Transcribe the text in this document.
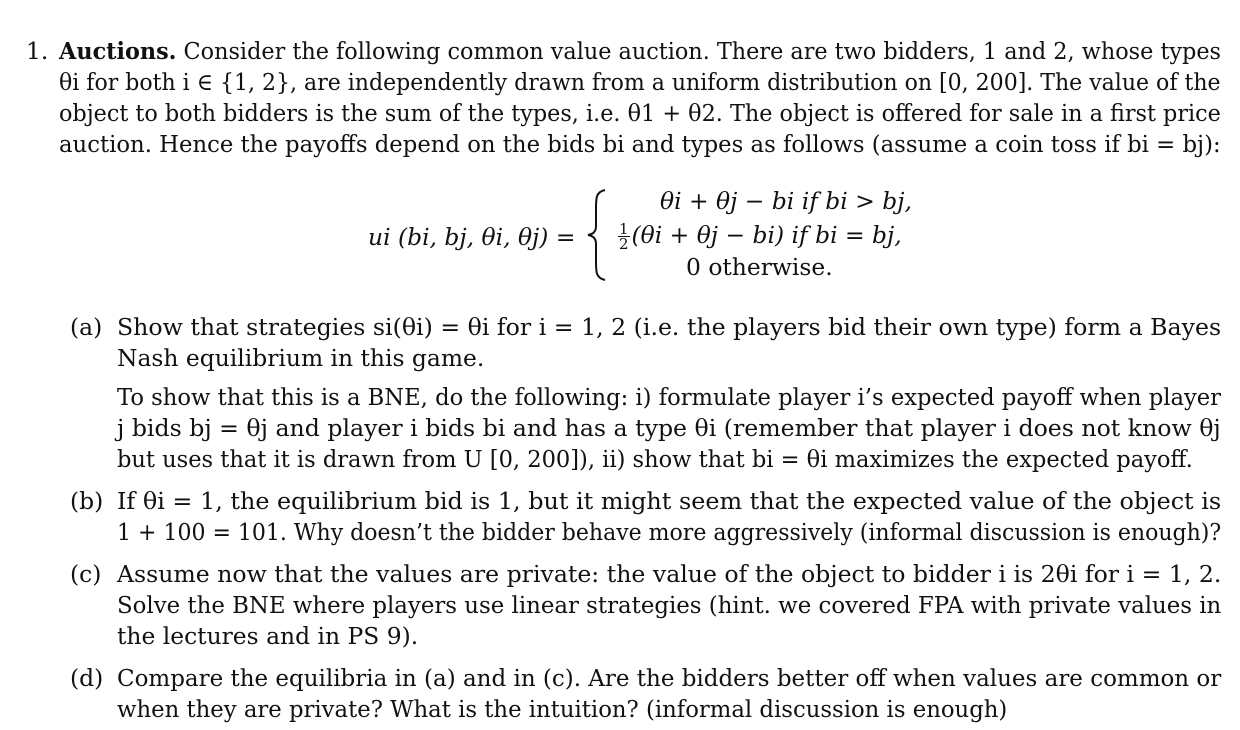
1. Auctions. Consider the following common value auction. There are two bidders, 1 and 2, whose types
θi for both i ∈ {1, 2}, are independently drawn from a uniform distribution on [0, 200]. The value of the
object to both bidders is the sum of the types, i.e. θ1 + θ2. The object is offered for sale in a first price
auction. Hence the payoffs depend on the bids bi and types as follows (assume a coin toss if bi = bj):
ui (bi, bj, θi, θj) =
θi + θj − bi if bi > bj,
$\frac{1}{2} (\theta i + \theta j - bi)$ if bi = bj,
0 otherwise.
(a) Show that strategies si(θi) = θi for i = 1, 2 (i.e. the players bid their own type) form a Bayes
Nash equilibrium in this game.
To show that this is a BNE, do the following: i) formulate player i’s expected payoff when player
j bids bj = θj and player i bids bi and has a type θi (remember that player i does not know θj
but uses that it is drawn from U [0, 200]), ii) show that bi = θi maximizes the expected payoff.
(b) If θi = 1, the equilibrium bid is 1, but it might seem that the expected value of the object is
1 + 100 = 101. Why doesn’t the bidder behave more aggressively (informal discussion is enough)?
(c) Assume now that the values are private: the value of the object to bidder i is 2θi for i = 1, 2.
Solve the BNE where players use linear strategies (hint. we covered FPA with private values in
the lectures and in PS 9).
(d) Compare the equilibria in (a) and in (c). Are the bidders better off when values are common or
when they are private? What is the intuition? (informal discussion is enough)
